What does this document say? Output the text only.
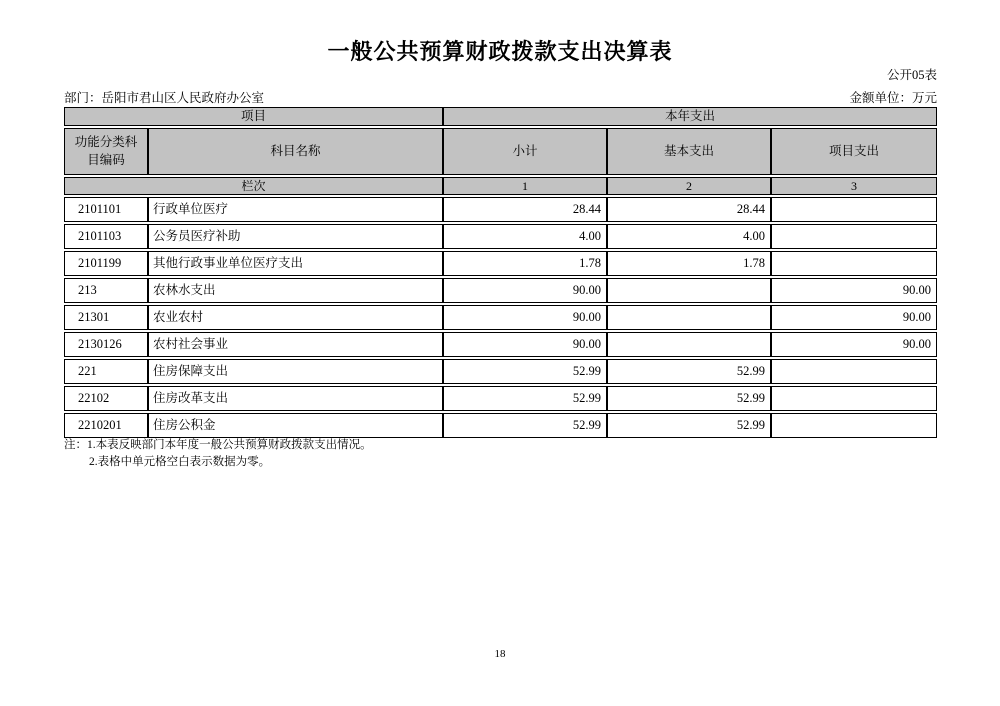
一般公共预算财政拨款支出决算表
公开05表
部门：岳阳市君山区人民政府办公室	金额单位：万元
项目		本年支出		
功能分类科目编码	科目名称	小计	基本支出	项目支出
栏次		1	2	3
2101101	行政单位医疗	28.44	28.44	
2101103	公务员医疗补助	4.00	4.00	
2101199	其他行政事业单位医疗支出	1.78	1.78	
213	农林水支出	90.00		90.00
21301	农业农村	90.00		90.00
2130126	农村社会事业	90.00		90.00
221	住房保障支出	52.99	52.99	
22102	住房改革支出	52.99	52.99	
2210201	住房公积金	52.99	52.99	
注：1.本表反映部门本年度一般公共预算财政拨款支出情况。
2.表格中单元格空白表示数据为零。
18
